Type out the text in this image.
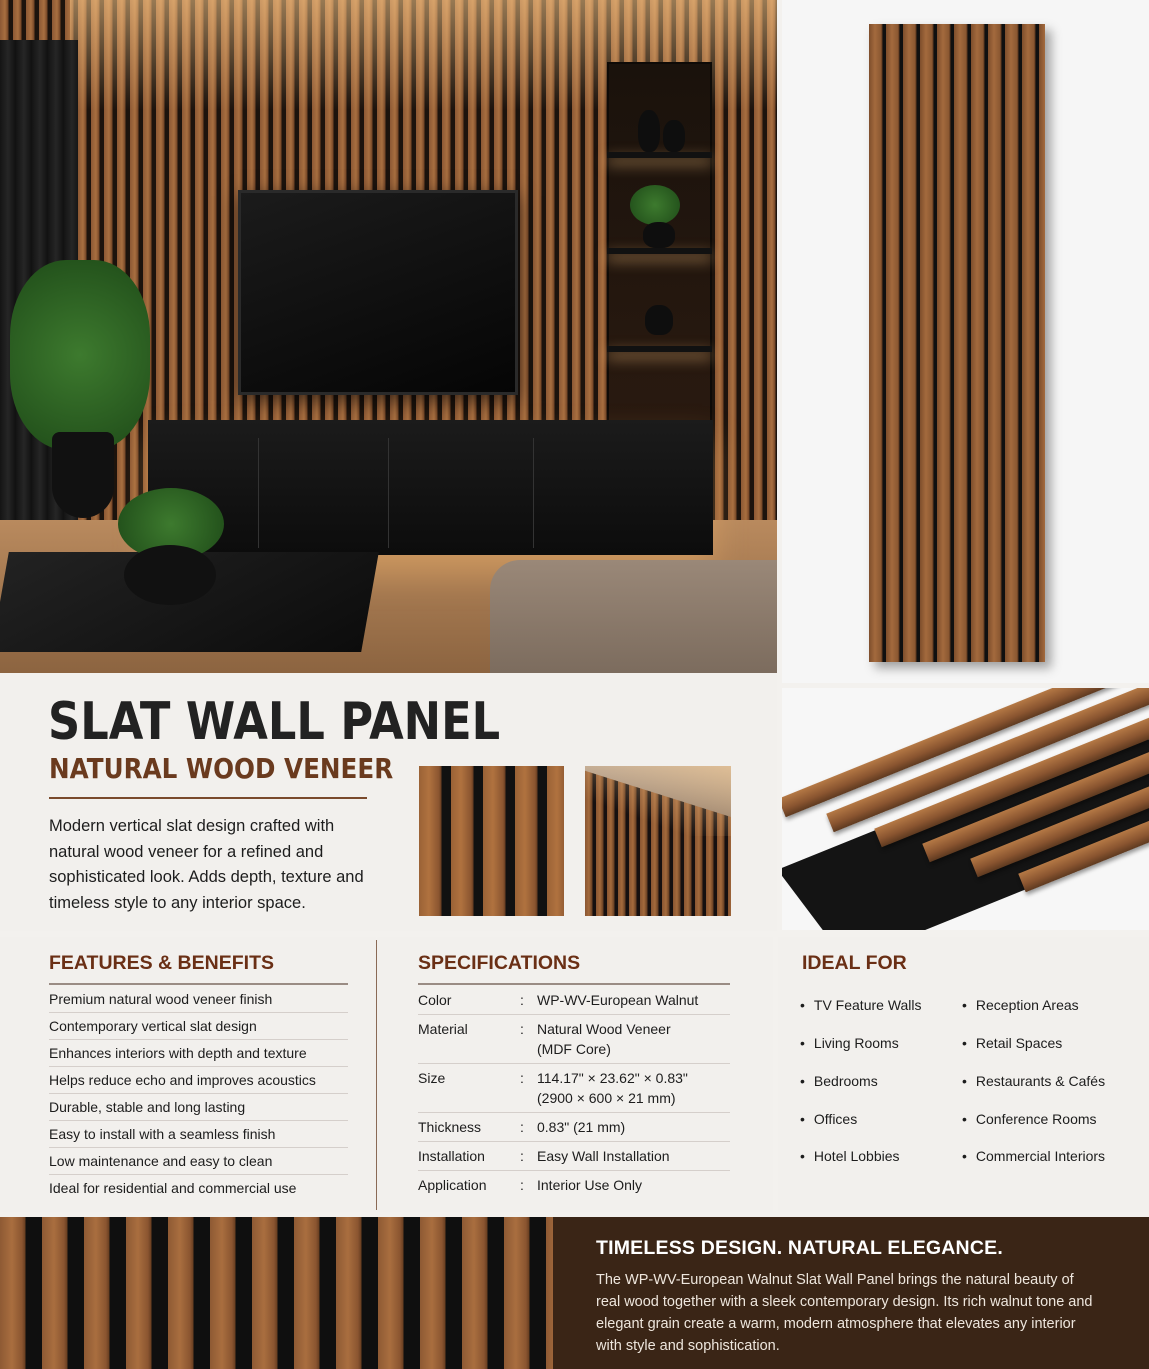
SLAT WALL PANEL
NATURAL WOOD VENEER
Modern vertical slat design crafted with natural wood veneer for a refined and sophisticated look. Adds depth, texture and timeless style to any interior space.
FEATURES & BENEFITS
Premium natural wood veneer finish
Contemporary vertical slat design
Enhances interiors with depth and texture
Helps reduce echo and improves acoustics
Durable, stable and long lasting
Easy to install with a seamless finish
Low maintenance and easy to clean
Ideal for residential and commercial use
SPECIFICATIONS
Color	:	WP-WV-European Walnut
Material	:	Natural Wood Veneer
(MDF Core)
Size	:	114.17" × 23.62" × 0.83"
(2900 × 600 × 21 mm)
Thickness	:	0.83" (21 mm)
Installation	:	Easy Wall Installation
Application	:	Interior Use Only
IDEAL FOR
• TV Feature Walls
• Living Rooms
• Bedrooms
• Offices
• Hotel Lobbies
• Reception Areas
• Retail Spaces
• Restaurants & Cafés
• Conference Rooms
• Commercial Interiors
TIMELESS DESIGN. NATURAL ELEGANCE.
The WP-WV-European Walnut Slat Wall Panel brings the natural beauty of real wood together with a sleek contemporary design. Its rich walnut tone and elegant grain create a warm, modern atmosphere that elevates any interior with style and sophistication.
